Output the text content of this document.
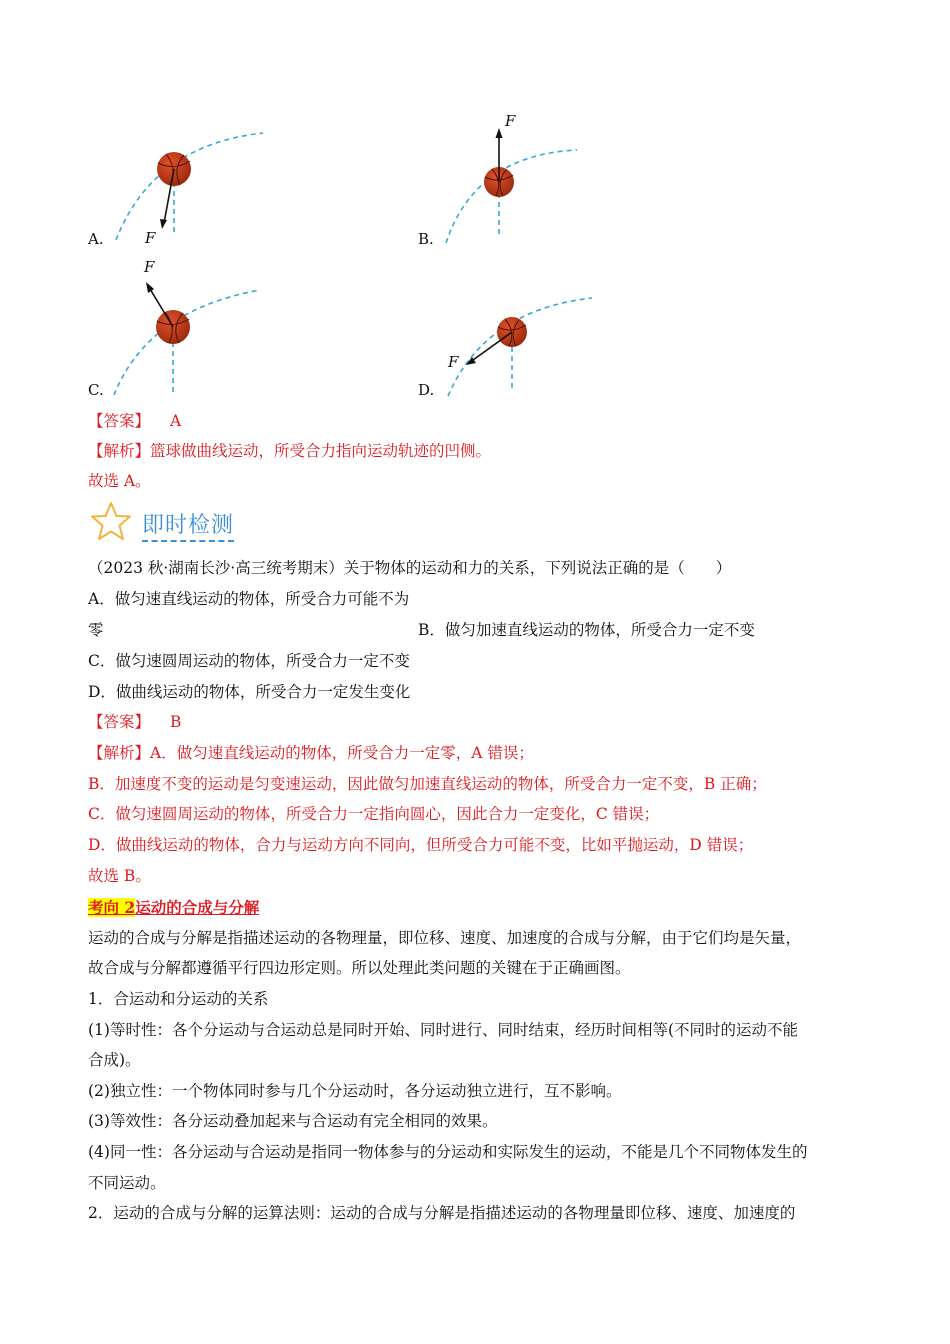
F
A.
F
B.
F
C.
F
D.
【答案】 A
【解析】篮球做曲线运动，所受合力指向运动轨迹的凹侧。
故选 A。
即时检测
（2023 秋·湖南长沙·高三统考期末）关于物体的运动和力的关系，下列说法正确的是（　　）
A．做匀速直线运动的物体，所受合力可能不为
零	B．做匀加速直线运动的物体，所受合力一定不变
C．做匀速圆周运动的物体，所受合力一定不变
D．做曲线运动的物体，所受合力一定发生变化
【答案】 B
【解析】A．做匀速直线运动的物体，所受合力一定零，A 错误；
B．加速度不变的运动是匀变速运动，因此做匀加速直线运动的物体，所受合力一定不变，B 正确；
C．做匀速圆周运动的物体，所受合力一定指向圆心，因此合力一定变化，C 错误；
D．做曲线运动的物体，合力与运动方向不同向，但所受合力可能不变，比如平抛运动，D 错误；
故选 B。
考向 2运动的合成与分解
运动的合成与分解是指描述运动的各物理量，即位移、速度、加速度的合成与分解，由于它们均是矢量，
故合成与分解都遵循平行四边形定则。所以处理此类问题的关键在于正确画图。
1．合运动和分运动的关系
(1)等时性：各个分运动与合运动总是同时开始、同时进行、同时结束，经历时间相等(不同时的运动不能
合成)。
(2)独立性：一个物体同时参与几个分运动时，各分运动独立进行，互不影响。
(3)等效性：各分运动叠加起来与合运动有完全相同的效果。
(4)同一性：各分运动与合运动是指同一物体参与的分运动和实际发生的运动，不能是几个不同物体发生的
不同运动。
2．运动的合成与分解的运算法则：运动的合成与分解是指描述运动的各物理量即位移、速度、加速度的
